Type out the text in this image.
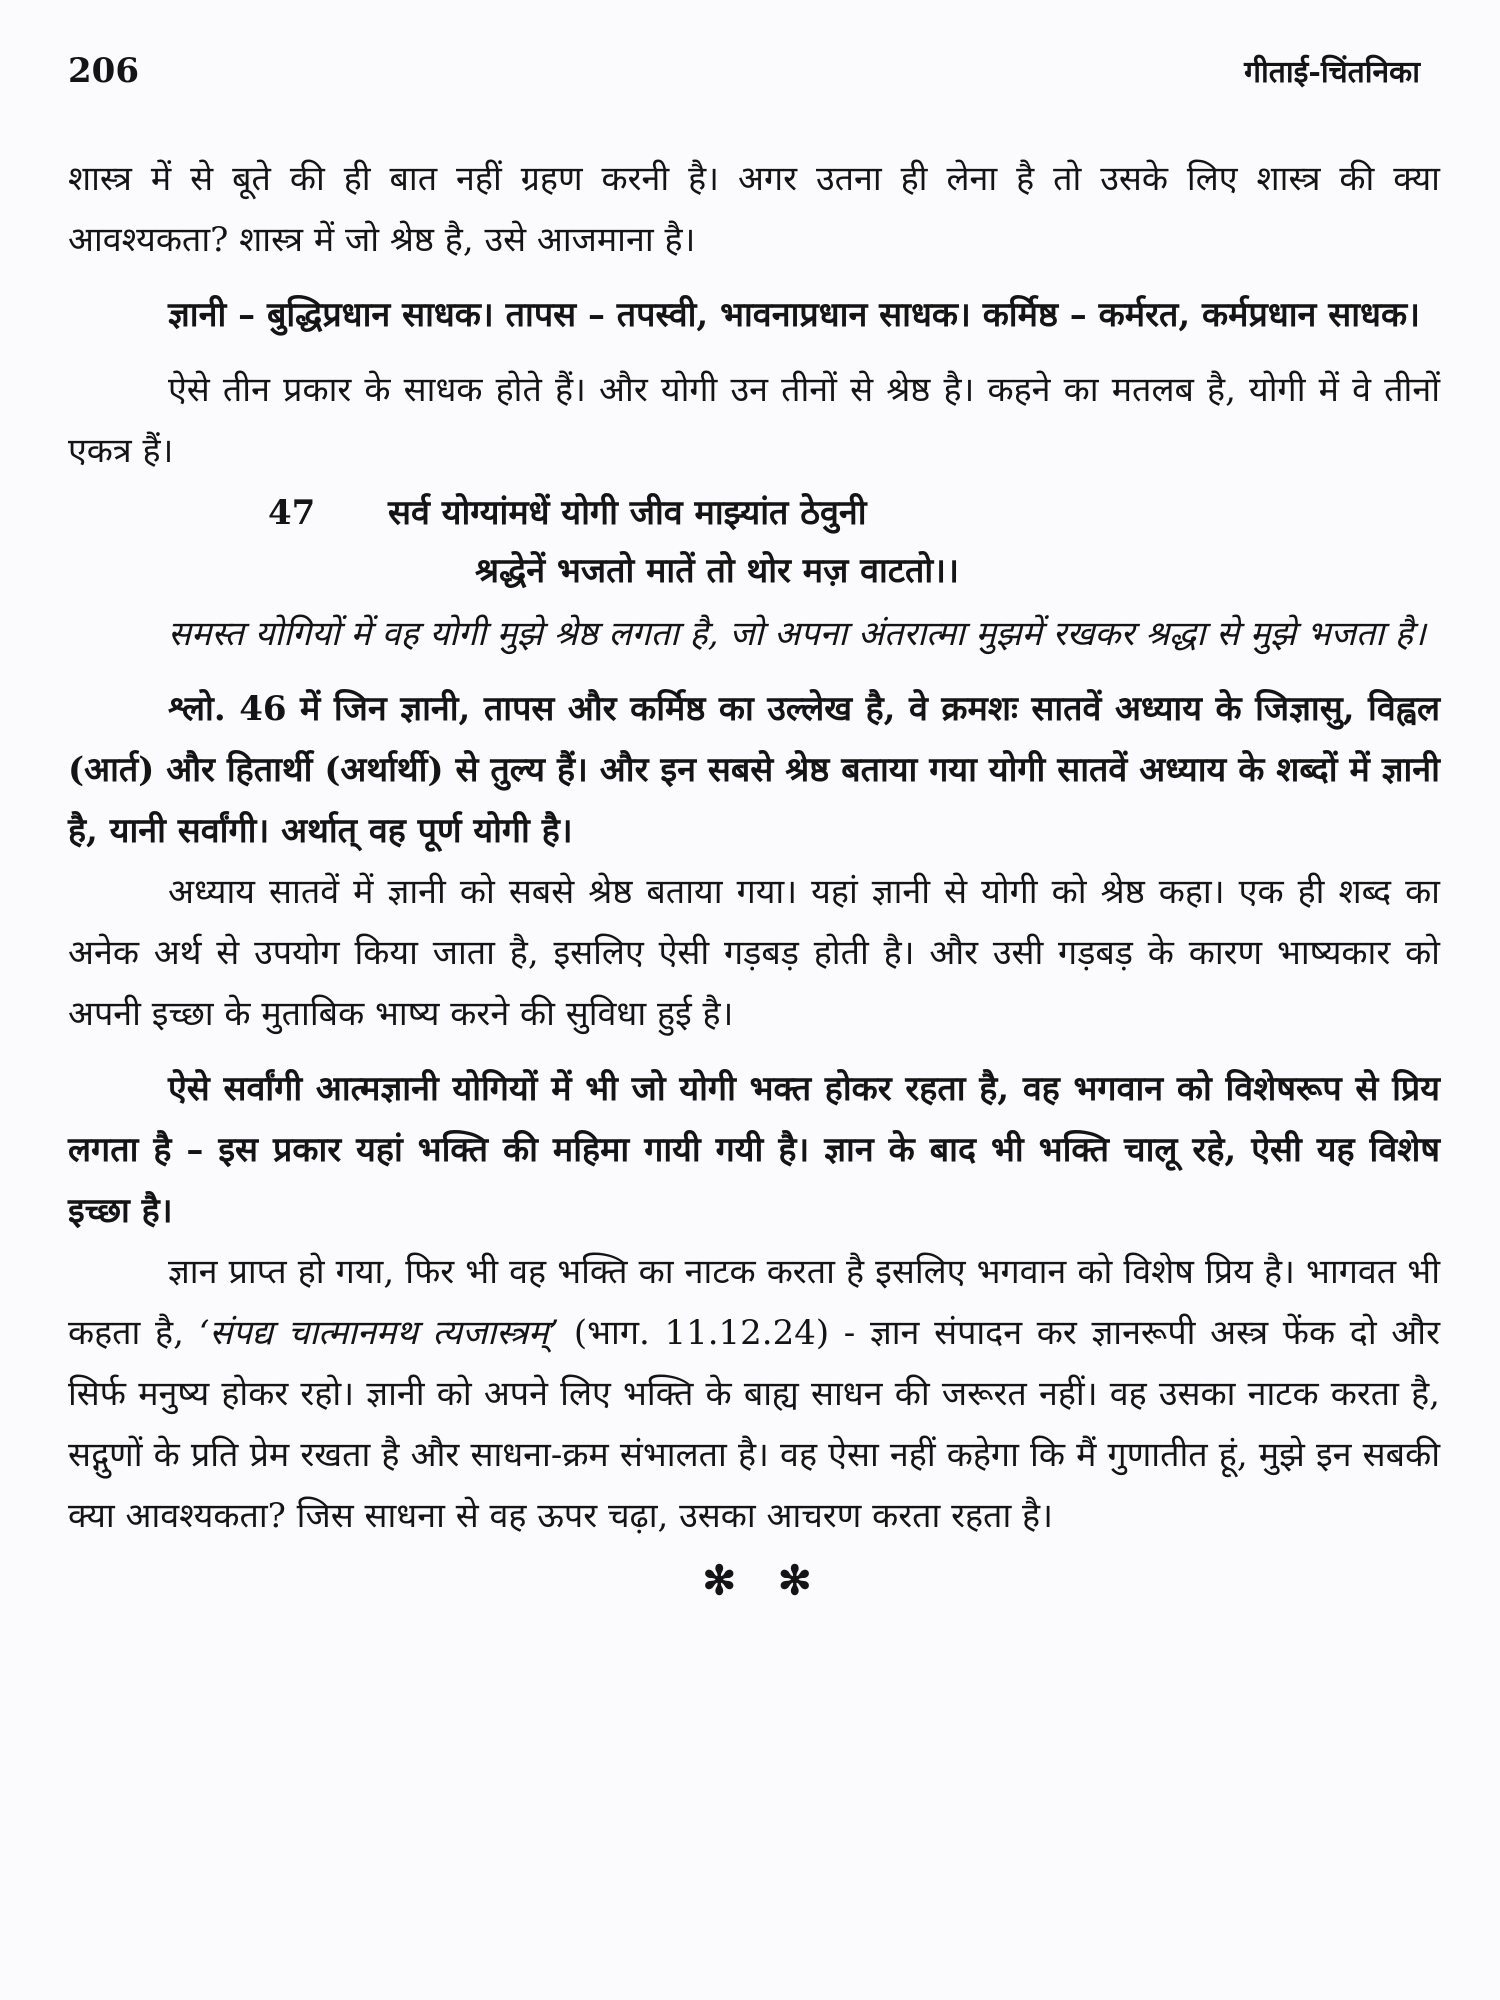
206	गीताई-चिंतनिका

शास्त्र में से बूते की ही बात नहीं ग्रहण करनी है। अगर उतना ही लेना है तो उसके लिए शास्त्र की क्या आवश्यकता? शास्त्र में जो श्रेष्ठ है, उसे आजमाना है।

ज्ञानी – बुद्धिप्रधान साधक। तापस – तपस्वी, भावनाप्रधान साधक। कर्मिष्ठ – कर्मरत, कर्मप्रधान साधक।

ऐसे तीन प्रकार के साधक होते हैं। और योगी उन तीनों से श्रेष्ठ है। कहने का मतलब है, योगी में वे तीनों एकत्र हैं।

47	सर्व योग्यांमधें योगी जीव माझ्यांत ठेवुनी
श्रद्धेनें भजतो मातें तो थोर मज़ वाटतो।।

समस्त योगियों में वह योगी मुझे श्रेष्ठ लगता है, जो अपना अंतरात्मा मुझमें रखकर श्रद्धा से मुझे भजता है।

श्लो. 46 में जिन ज्ञानी, तापस और कर्मिष्ठ का उल्लेख है, वे क्रमशः सातवें अध्याय के जिज्ञासु, विह्वल (आर्त) और हितार्थी (अर्थार्थी) से तुल्य हैं। और इन सबसे श्रेष्ठ बताया गया योगी सातवें अध्याय के शब्दों में ज्ञानी है, यानी सर्वांगी। अर्थात् वह पूर्ण योगी है।

अध्याय सातवें में ज्ञानी को सबसे श्रेष्ठ बताया गया। यहां ज्ञानी से योगी को श्रेष्ठ कहा। एक ही शब्द का अनेक अर्थ से उपयोग किया जाता है, इसलिए ऐसी गड़बड़ होती है। और उसी गड़बड़ के कारण भाष्यकार को अपनी इच्छा के मुताबिक भाष्य करने की सुविधा हुई है।

ऐसे सर्वांगी आत्मज्ञानी योगियों में भी जो योगी भक्त होकर रहता है, वह भगवान को विशेषरूप से प्रिय लगता है – इस प्रकार यहां भक्ति की महिमा गायी गयी है। ज्ञान के बाद भी भक्ति चालू रहे, ऐसी यह विशेष इच्छा है।

ज्ञान प्राप्त हो गया, फिर भी वह भक्ति का नाटक करता है इसलिए भगवान को विशेष प्रिय है। भागवत भी कहता है, ‘संपद्य चात्मानमथ त्यजास्त्रम्’ (भाग. 11.12.24) - ज्ञान संपादन कर ज्ञानरूपी अस्त्र फेंक दो और सिर्फ मनुष्य होकर रहो। ज्ञानी को अपने लिए भक्ति के बाह्य साधन की जरूरत नहीं। वह उसका नाटक करता है, सद्गुणों के प्रति प्रेम रखता है और साधना-क्रम संभालता है। वह ऐसा नहीं कहेगा कि मैं गुणातीत हूं, मुझे इन सबकी क्या आवश्यकता? जिस साधना से वह ऊपर चढ़ा, उसका आचरण करता रहता है।

✻ ✻
